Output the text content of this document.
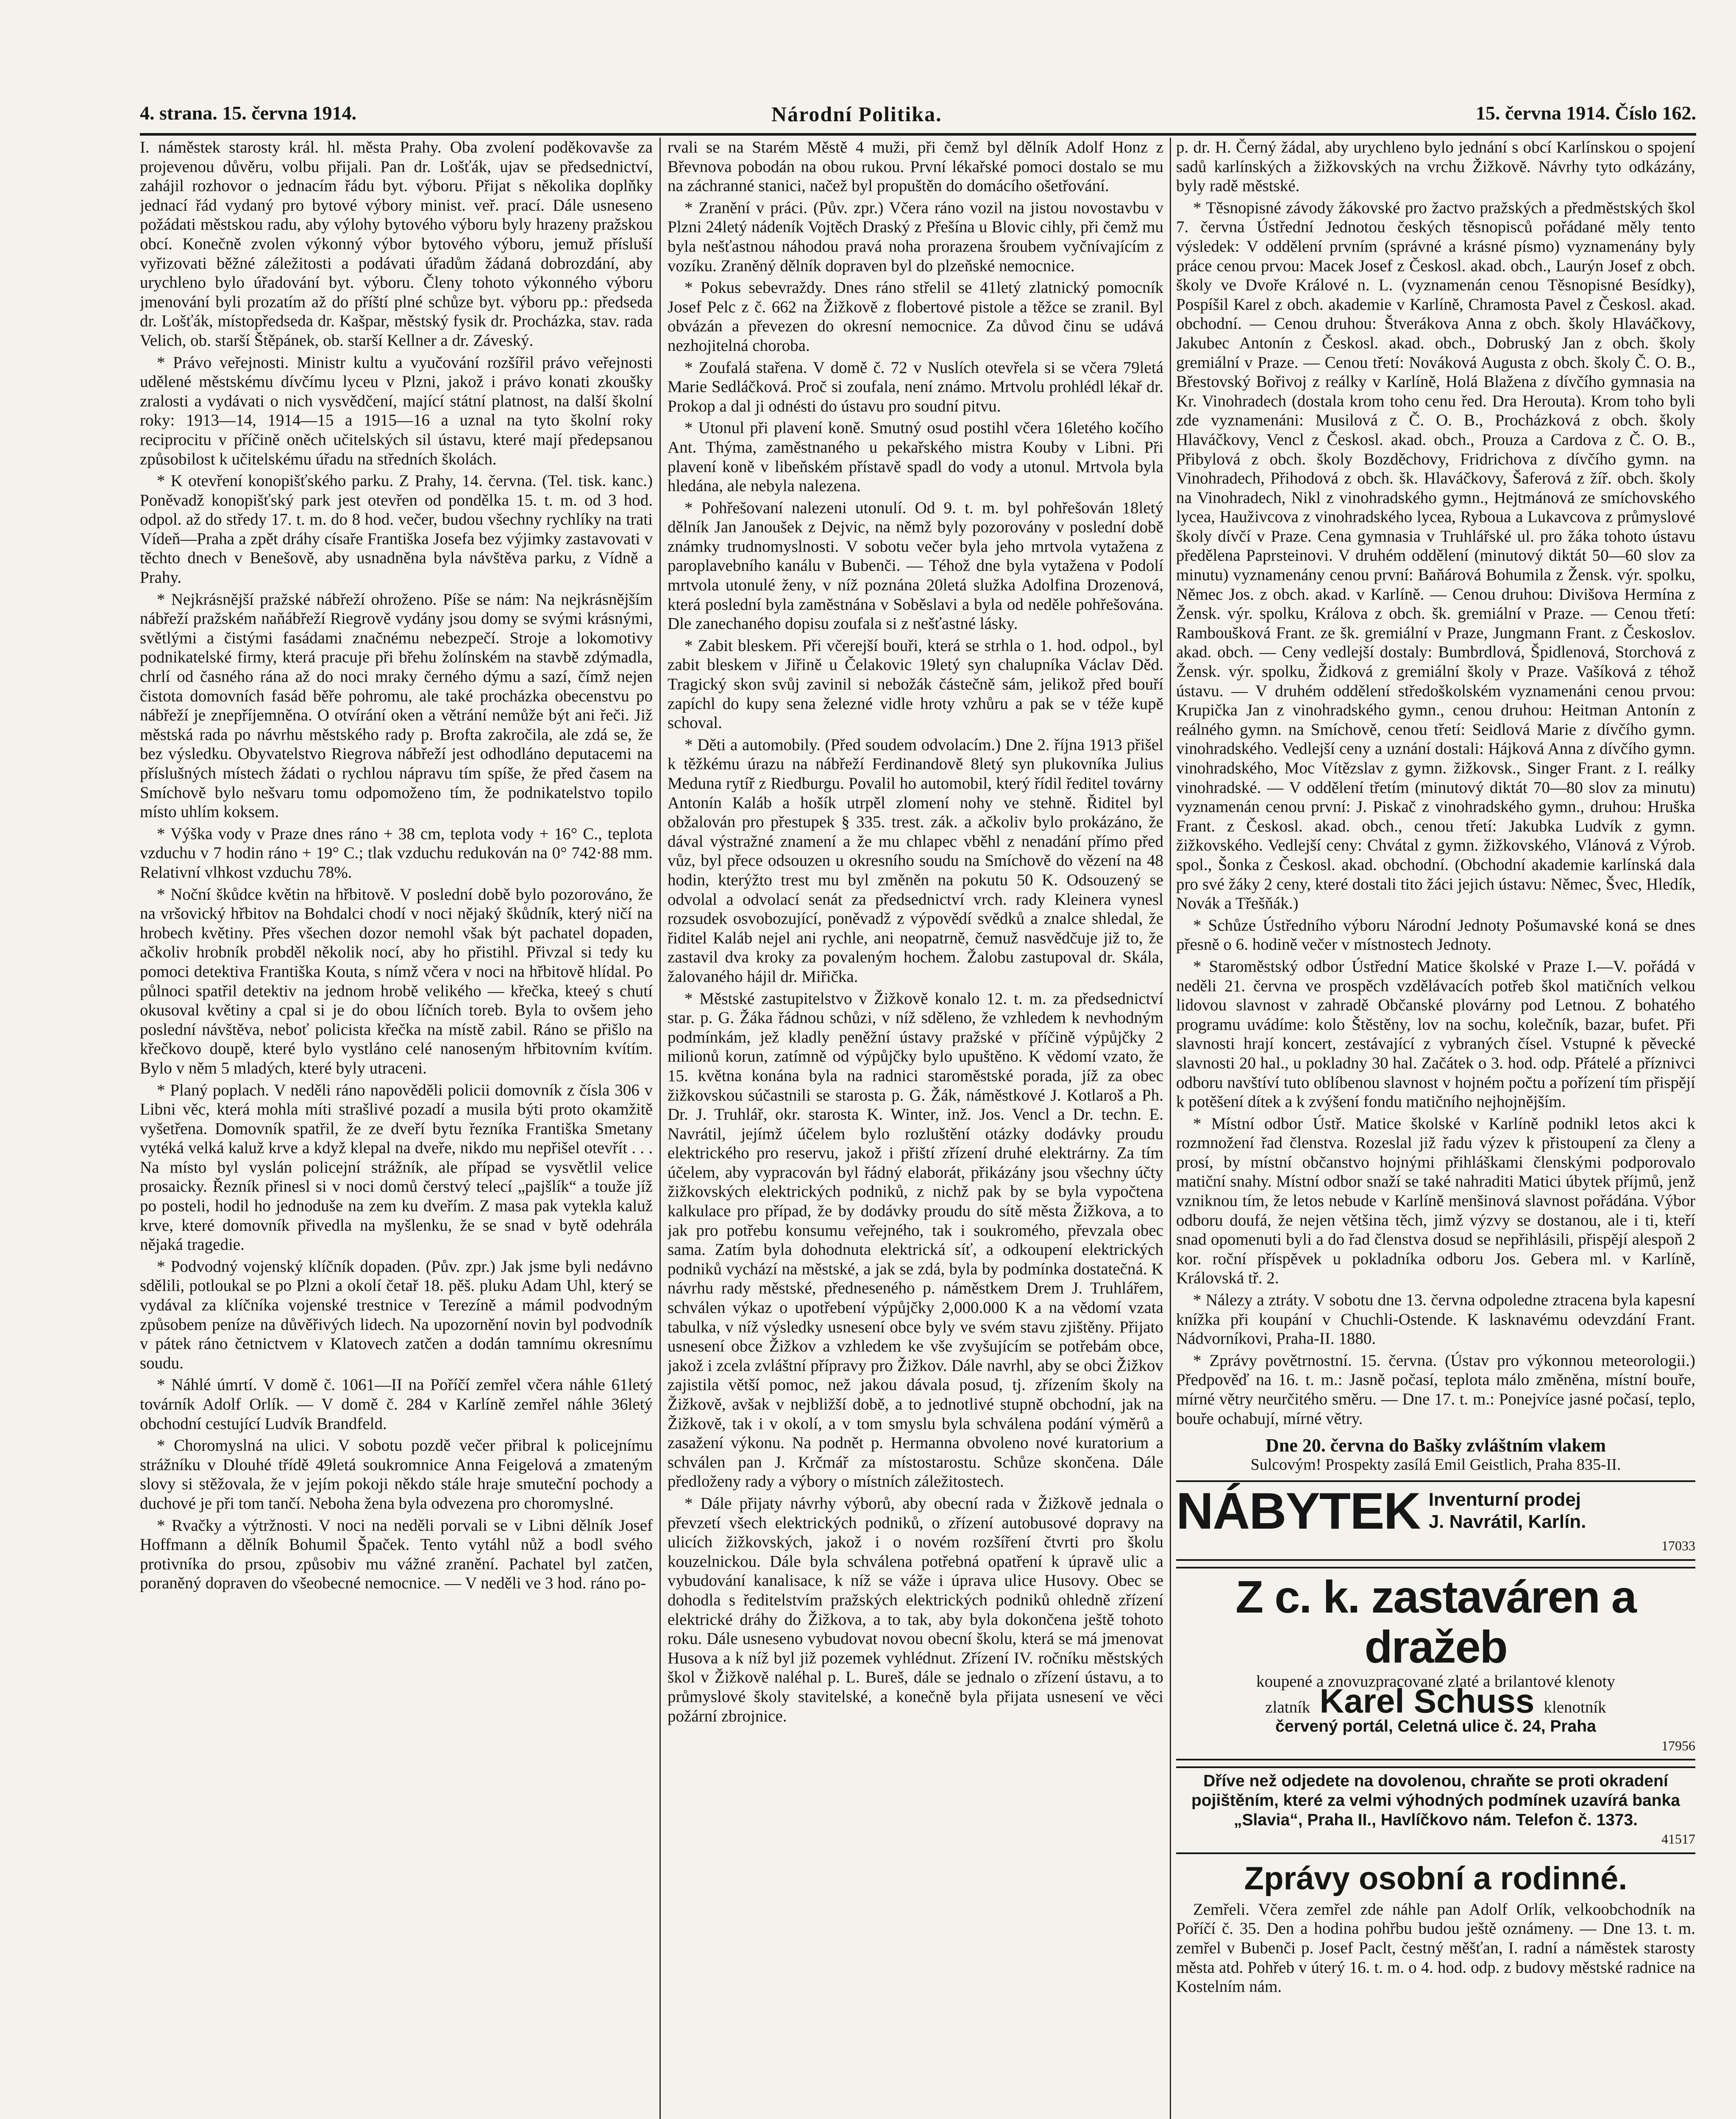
4. strana. 15. června 1914.	Národní Politika.	15. června 1914. Číslo 162.

I. náměstek starosty král. hl. města Prahy. Oba zvolení poděkovavše za projevenou důvěru, volbu přijali. Pan dr. Lošťák, ujav se předsednictví, zahájil rozhovor o jednacím řádu byt. výboru. Přijat s několika doplňky jednací řád vydaný pro bytové výbory minist. veř. prací. Dále usneseno požádati městskou radu, aby výlohy bytového výboru byly hrazeny pražskou obcí. Konečně zvolen výkonný výbor bytového výboru, jemuž přísluší vyřizovati běžné záležitosti a podávati úřadům žádaná dobrozdání, aby urychleno bylo úřadování byt. výboru. Členy tohoto výkonného výboru jmenování byli prozatím až do příští plné schůze byt. výboru pp.: předseda dr. Lošťák, místopředseda dr. Kašpar, městský fysik dr. Procházka, stav. rada Velich, ob. starší Štěpánek, ob. starší Kellner a dr. Záveský.

* Právo veřejnosti. Ministr kultu a vyučování rozšířil právo veřejnosti udělené městskému dívčímu lyceu v Plzni, jakož i právo konati zkoušky zralosti a vydávati o nich vysvědčení, mající státní platnost, na další školní roky: 1913—14, 1914—15 a 1915—16 a uznal na tyto školní roky reciprocitu v příčině oněch učitelských sil ústavu, které mají předepsanou způsobilost k učitelskému úřadu na středních školách.

* K otevření konopišťského parku. Z Prahy, 14. června. (Tel. tisk. kanc.) Poněvadž konopišťský park jest otevřen od pondělka 15. t. m. od 3 hod. odpol. až do středy 17. t. m. do 8 hod. večer, budou všechny rychlíky na trati Vídeň—Praha a zpět dráhy císaře Františka Josefa bez výjimky zastavovati v těchto dnech v Benešově, aby usnadněna byla návštěva parku, z Vídně a Prahy.

* Nejkrásnější pražské nábřeží ohroženo. Píše se nám: Na nejkrásnějším nábřeží pražském naňábřeží Riegrově vydány jsou domy se svými krásnými, světlými a čistými fasádami značnému nebezpečí. Stroje a lokomotivy podnikatelské firmy, která pracuje při břehu žolínském na stavbě zdýmadla, chrlí od časného rána až do noci mraky černého dýmu a sazí, čímž nejen čistota domovních fasád běře pohromu, ale také procházka obecenstvu po nábřeží je znepříjemněna. O otvírání oken a větrání nemůže být ani řeči. Již městská rada po návrhu městského rady p. Brofta zakročila, ale zdá se, že bez výsledku. Obyvatelstvo Riegrova nábřeží jest odhodláno deputacemi na příslušných místech žádati o rychlou nápravu tím spíše, že před časem na Smíchově bylo nešvaru tomu odpomoženo tím, že podnikatelstvo topilo místo uhlím koksem.

* Výška vody v Praze dnes ráno + 38 cm, teplota vody + 16° C., teplota vzduchu v 7 hodin ráno + 19° C.; tlak vzduchu redukován na 0° 742·88 mm. Relativní vlhkost vzduchu 78%.

* Noční škůdce květin na hřbitově. V poslední době bylo pozorováno, že na vršovický hřbitov na Bohdalci chodí v noci nějaký škůdník, který ničí na hrobech květiny. Přes všechen dozor nemohl však být pachatel dopaden, ačkoliv hrobník probděl několik nocí, aby ho přistihl. Přivzal si tedy ku pomoci detektiva Františka Kouta, s nímž včera v noci na hřbitově hlídal. Po půlnoci spatřil detektiv na jednom hrobě velikého — křečka, kteeý s chutí okusoval květiny a cpal si je do obou líčních toreb. Byla to ovšem jeho poslední návštěva, neboť policista křečka na místě zabil. Ráno se přišlo na křečkovo doupě, které bylo vystláno celé nanoseným hřbitovním kvítím. Bylo v něm 5 mladých, které byly utraceni.

* Planý poplach. V neděli ráno napověděli policii domovník z čísla 306 v Libni věc, která mohla míti strašlivé pozadí a musila býti proto okamžitě vyšetřena. Domovník spatřil, že ze dveří bytu řezníka Františka Smetany vytéká velká kaluž krve a když klepal na dveře, nikdo mu nepřišel otevřít . . . Na místo byl vyslán policejní strážník, ale případ se vysvětlil velice prosaicky. Řezník přinesl si v noci domů čerstvý telecí „pajšlík“ a touže jíž po posteli, hodil ho jednoduše na zem ku dveřím. Z masa pak vytekla kaluž krve, které domovník přivedla na myšlenku, že se snad v bytě odehrála nějaká tragedie.

* Podvodný vojenský klíčník dopaden. (Pův. zpr.) Jak jsme byli nedávno sdělili, potloukal se po Plzni a okolí četař 18. pěš. pluku Adam Uhl, který se vydával za klíčníka vojenské trestnice v Terezíně a mámil podvodným způsobem peníze na důvěřivých lidech. Na upozornění novin byl podvodník v pátek ráno četnictvem v Klatovech zatčen a dodán tamnímu okresnímu soudu.

* Náhlé úmrtí. V domě č. 1061—II na Poříčí zemřel včera náhle 61letý továrník Adolf Orlík. — V domě č. 284 v Karlíně zemřel náhle 36letý obchodní cestující Ludvík Brandfeld.

* Choromyslná na ulici. V sobotu pozdě večer přibral k policejnímu strážníku v Dlouhé třídě 49letá soukromnice Anna Feigelová a zmateným slovy si stěžovala, že v jejím pokoji někdo stále hraje smuteční pochody a duchové je při tom tančí. Neboha žena byla odvezena pro choromyslné.

* Rvačky a výtržnosti. V noci na neděli porvali se v Libni dělník Josef Hoffmann a dělník Bohumil Špaček. Tento vytáhl nůž a bodl svého protivníka do prsou, způsobiv mu vážné zranění. Pachatel byl zatčen, poraněný dopraven do všeobecné nemocnice. — V neděli ve 3 hod. ráno po-

rvali se na Starém Městě 4 muži, při čemž byl dělník Adolf Honz z Břevnova pobodán na obou rukou. První lékařské pomoci dostalo se mu na záchranné stanici, načež byl propuštěn do domácího ošetřování.

* Zranění v práci. (Pův. zpr.) Včera ráno vozil na jistou novostavbu v Plzni 24letý nádeník Vojtěch Draský z Přešína u Blovic cihly, při čemž mu byla nešťastnou náhodou pravá noha prorazena šroubem vyčnívajícím z vozíku. Zraněný dělník dopraven byl do plzeňské nemocnice.

* Pokus sebevraždy. Dnes ráno střelil se 41letý zlatnický pomocník Josef Pelc z č. 662 na Žižkově z flobertové pistole a těžce se zranil. Byl obvázán a převezen do okresní nemocnice. Za důvod činu se udává nezhojitelná choroba.

* Zoufalá stařena. V domě č. 72 v Nuslích otevřela si se včera 79letá Marie Sedláčková. Proč si zoufala, není známo. Mrtvolu prohlédl lékař dr. Prokop a dal ji odnésti do ústavu pro soudní pitvu.

* Utonul při plavení koně. Smutný osud postihl včera 16letého kočího Ant. Thýma, zaměstnaného u pekařského mistra Kouby v Libni. Při plavení koně v libeňském přístavě spadl do vody a utonul. Mrtvola byla hledána, ale nebyla nalezena.

* Pohřešovaní nalezeni utonulí. Od 9. t. m. byl pohřešován 18letý dělník Jan Janoušek z Dejvic, na němž byly pozorovány v poslední době známky trudnomyslnosti. V sobotu večer byla jeho mrtvola vytažena z paroplavebního kanálu v Bubenči. — Téhož dne byla vytažena v Podolí mrtvola utonulé ženy, v níž poznána 20letá služka Adolfina Drozenová, která poslední byla zaměstnána v Soběslavi a byla od neděle pohřešována. Dle zanechaného dopisu zoufala si z nešťastné lásky.

* Zabit bleskem. Při včerejší bouři, která se strhla o 1. hod. odpol., byl zabit bleskem v Jiřině u Čelakovic 19letý syn chalupníka Václav Děd. Tragický skon svůj zavinil si nebožák částečně sám, jelikož před bouří zapíchl do kupy sena železné vidle hroty vzhůru a pak se v téže kupě schoval.

* Děti a automobily. (Před soudem odvolacím.) Dne 2. října 1913 přišel k těžkému úrazu na nábřeží Ferdinandově 8letý syn plukovníka Julius Meduna rytíř z Riedburgu. Povalil ho automobil, který řídil ředitel továrny Antonín Kaláb a hošík utrpěl zlomení nohy ve stehně. Řiditel byl obžalován pro přestupek § 335. trest. zák. a ačkoliv bylo prokázáno, že dával výstražné znamení a že mu chlapec vběhl z nenadání přímo před vůz, byl přece odsouzen u okresního soudu na Smíchově do vězení na 48 hodin, kterýžto trest mu byl změněn na pokutu 50 K. Odsouzený se odvolal a odvolací senát za předsednictví vrch. rady Kleinera vynesl rozsudek osvobozující, poněvadž z výpovědí svědků a znalce shledal, že řiditel Kaláb nejel ani rychle, ani neopatrně, čemuž nasvědčuje již to, že zastavil dva kroky za povaleným hochem. Žalobu zastupoval dr. Skála, žalovaného hájil dr. Miřička.

* Městské zastupitelstvo v Žižkově konalo 12. t. m. za předsednictví star. p. G. Žáka řádnou schůzi, v níž sděleno, že vzhledem k nevhodným podmínkám, jež kladly peněžní ústavy pražské v příčině výpůjčky 2 milionů korun, zatímně od výpůjčky bylo upuštěno. K vědomí vzato, že 15. května konána byla na radnici staroměstské porada, jíž za obec žižkovskou súčastnili se starosta p. G. Žák, náměstkové J. Kotlaroš a Ph. Dr. J. Truhlář, okr. starosta K. Winter, inž. Jos. Vencl a Dr. techn. E. Navrátil, jejímž účelem bylo rozluštění otázky dodávky proudu elektrického pro reservu, jakož i přiští zřízení druhé elektrárny. Za tím účelem, aby vypracován byl řádný elaborát, přikázány jsou všechny účty žižkovských elektrických podniků, z nichž pak by se byla vypočtena kalkulace pro případ, že by dodávky proudu do sítě města Žižkova, a to jak pro potřebu konsumu veřejného, tak i soukromého, převzala obec sama. Zatím byla dohodnuta elektrická síť, a odkoupení elektrických podniků vychází na městské, a jak se zdá, byla by podmínka dostatečná. K návrhu rady městské, předneseného p. náměstkem Drem J. Truhlářem, schválen výkaz o upotřebení výpůjčky 2,000.000 K a na vědomí vzata tabulka, v níž výsledky usnesení obce byly ve svém stavu zjištěny. Přijato usnesení obce Žižkov a vzhledem ke vše zvyšujícím se potřebám obce, jakož i zcela zvláštní přípravy pro Žižkov. Dále navrhl, aby se obci Žižkov zajistila větší pomoc, než jakou dávala posud, tj. zřízením školy na Žižkově, avšak v nejbližší době, a to jednotlivé stupně obchodní, jak na Žižkově, tak i v okolí, a v tom smyslu byla schválena podání výměrů a zasažení výkonu. Na podnět p. Hermanna obvoleno nové kuratorium a schválen pan J. Krčmář za místostarostu. Schůze skončena. Dále předloženy rady a výbory o místních záležitostech.

* Dále přijaty návrhy výborů, aby obecní rada v Žižkově jednala o převzetí všech elektrických podniků, o zřízení autobusové dopravy na ulicích žižkovských, jakož i o novém rozšíření čtvrti pro školu kouzelnickou. Dále byla schválena potřebná opatření k úpravě ulic a vybudování kanalisace, k níž se váže i úprava ulice Husovy. Obec se dohodla s ředitelstvím pražských elektrických podniků ohledně zřízení elektrické dráhy do Žižkova, a to tak, aby byla dokončena ještě tohoto roku. Dále usneseno vybudovat novou obecní školu, která se má jmenovat Husova a k níž byl již pozemek vyhlédnut. Zřízení IV. ročníku městských škol v Žižkově naléhal p. L. Bureš, dále se jednalo o zřízení ústavu, a to průmyslové školy stavitelské, a konečně byla přijata usnesení ve věci požární zbrojnice.

p. dr. H. Černý žádal, aby urychleno bylo jednání s obcí Karlínskou o spojení sadů karlínských a žižkovských na vrchu Žižkově. Návrhy tyto odkázány, byly radě městské.

* Těsnopisné závody žákovské pro žactvo pražských a předměstských škol 7. června Ústřední Jednotou českých těsnopisců pořádané měly tento výsledek: V oddělení prvním (správné a krásné písmo) vyznamenány byly práce cenou prvou: Macek Josef z Českosl. akad. obch., Laurýn Josef z obch. školy ve Dvoře Králové n. L. (vyznamenán cenou Těsnopisné Besídky), Pospíšil Karel z obch. akademie v Karlíně, Chramosta Pavel z Českosl. akad. obchodní. — Cenou druhou: Štverákova Anna z obch. školy Hlaváčkovy, Jakubec Antonín z Českosl. akad. obch., Dobruský Jan z obch. školy gremiální v Praze. — Cenou třetí: Nováková Augusta z obch. školy Č. O. B., Břestovský Bořivoj z reálky v Karlíně, Holá Blažena z dívčího gymnasia na Kr. Vinohradech (dostala krom toho cenu řed. Dra Herouta). Krom toho byli zde vyznamenáni: Musilová z Č. O. B., Procházková z obch. školy Hlaváčkovy, Vencl z Českosl. akad. obch., Prouza a Cardova z Č. O. B., Přibylová z obch. školy Bozděchovy, Fridrichova z dívčího gymn. na Vinohradech, Přihodová z obch. šk. Hlaváčkovy, Šaferová z žíř. obch. školy na Vinohradech, Nikl z vinohradského gymn., Hejtmánová ze smíchovského lycea, Hauživcova z vinohradského lycea, Ryboua a Lukavcova z průmyslové školy dívčí v Praze. Cena gymnasia v Truhlářské ul. pro žáka tohoto ústavu předělena Paprsteinovi. V druhém oddělení (minutový diktát 50—60 slov za minutu) vyznamenány cenou první: Baňárová Bohumila z Žensk. výr. spolku, Němec Jos. z obch. akad. v Karlíně. — Cenou druhou: Divišova Hermína z Žensk. výr. spolku, Králova z obch. šk. gremiální v Praze. — Cenou třetí: Ramboušková Frant. ze šk. gremiální v Praze, Jungmann Frant. z Českoslov. akad. obch. — Ceny vedlejší dostaly: Bumbrdlová, Špidlenová, Storchová z Žensk. výr. spolku, Židková z gremiální školy v Praze. Vašíková z téhož ústavu. — V druhém oddělení středoškolském vyznamenáni cenou prvou: Krupička Jan z vinohradského gymn., cenou druhou: Heitman Antonín z reálného gymn. na Smíchově, cenou třetí: Seidlová Marie z dívčího gymn. vinohradského. Vedlejší ceny a uznání dostali: Hájková Anna z dívčího gymn. vinohradského, Moc Vítězslav z gymn. žižkovsk., Singer Frant. z I. reálky vinohradské. — V oddělení třetím (minutový diktát 70—80 slov za minutu) vyznamenán cenou první: J. Piskač z vinohradského gymn., druhou: Hruška Frant. z Českosl. akad. obch., cenou třetí: Jakubka Ludvík z gymn. žižkovského. Vedlejší ceny: Chvátal z gymn. žižkovského, Vlánová z Výrob. spol., Šonka z Českosl. akad. obchodní. (Obchodní akademie karlínská dala pro své žáky 2 ceny, které dostali tito žáci jejich ústavu: Němec, Švec, Hledík, Novák a Třešňák.)

* Schůze Ústředního výboru Národní Jednoty Pošumavské koná se dnes přesně o 6. hodině večer v místnostech Jednoty.

* Staroměstský odbor Ústřední Matice školské v Praze I.—V. pořádá v neděli 21. června ve prospěch vzdělávacích potřeb škol matičních velkou lidovou slavnost v zahradě Občanské plovárny pod Letnou. Z bohatého programu uvádíme: kolo Štěstěny, lov na sochu, kolečník, bazar, bufet. Při slavnosti hrají koncert, zestávající z vybraných čísel. Vstupné k pěvecké slavnosti 20 hal., u pokladny 30 hal. Začátek o 3. hod. odp. Přátelé a příznivci odboru navštíví tuto oblíbenou slavnost v hojném počtu a pořízení tím přispějí k potěšení dítek a k zvýšení fondu matičního nejhojnějším.

* Místní odbor Ústř. Matice školské v Karlíně podnikl letos akci k rozmnožení řad členstva. Rozeslal již řadu výzev k přistoupení za členy a prosí, by místní občanstvo hojnými přihláškami členskými podporovalo matiční snahy. Místní odbor snaží se také nahraditi Matici úbytek příjmů, jenž vzniknou tím, že letos nebude v Karlíně menšinová slavnost pořádána. Výbor odboru doufá, že nejen většina těch, jimž výzvy se dostanou, ale i ti, kteří snad opomenuti byli a do řad členstva dosud se nepřihlásili, přispějí alespoň 2 kor. roční příspěvek u pokladníka odboru Jos. Gebera ml. v Karlíně, Královská tř. 2.

* Nálezy a ztráty. V sobotu dne 13. června odpoledne ztracena byla kapesní knížka při koupání v Chuchli-Ostende. K lasknavému odevzdání Frant. Nádvorníkovi, Praha-II. 1880.

* Zprávy povětrnostní. 15. června. (Ústav pro výkonnou meteorologii.) Předpověď na 16. t. m.: Jasně počasí, teplota málo změněna, místní bouře, mírné větry neurčitého směru. — Dne 17. t. m.: Ponejvíce jasné počasí, teplo, bouře ochabují, mírné větry.

Dne 20. června do Bašky zvláštním vlakem
Sulcovým! Prospekty zasílá Emil Geistlich, Praha 835-II.
NÁBYTEK Inventurní prodej
J. Navrátil, Karlín.
17033
Z c. k. zastaváren a dražeb
koupené a znovuzpracované zlaté a brilantové klenoty
zlatník Karel Schuss klenotník
červený portál, Celetná ulice č. 24, Praha
17956
Dříve než odjedete na dovolenou, chraňte se proti okradení pojištěním, které za velmi výhodných podmínek uzavírá banka „Slavia“, Praha II., Havlíčkovo nám. Telefon č. 1373.
41517
Zprávy osobní a rodinné.

Zemřeli. Včera zemřel zde náhle pan Adolf Orlík, velkoobchodník na Poříčí č. 35. Den a hodina pohřbu budou ještě oznámeny. — Dne 13. t. m. zemřel v Bubenči p. Josef Paclt, čestný měšťan, I. radní a náměstek starosty města atd. Pohřeb v úterý 16. t. m. o 4. hod. odp. z budovy městské radnice na Kostelním nám.
